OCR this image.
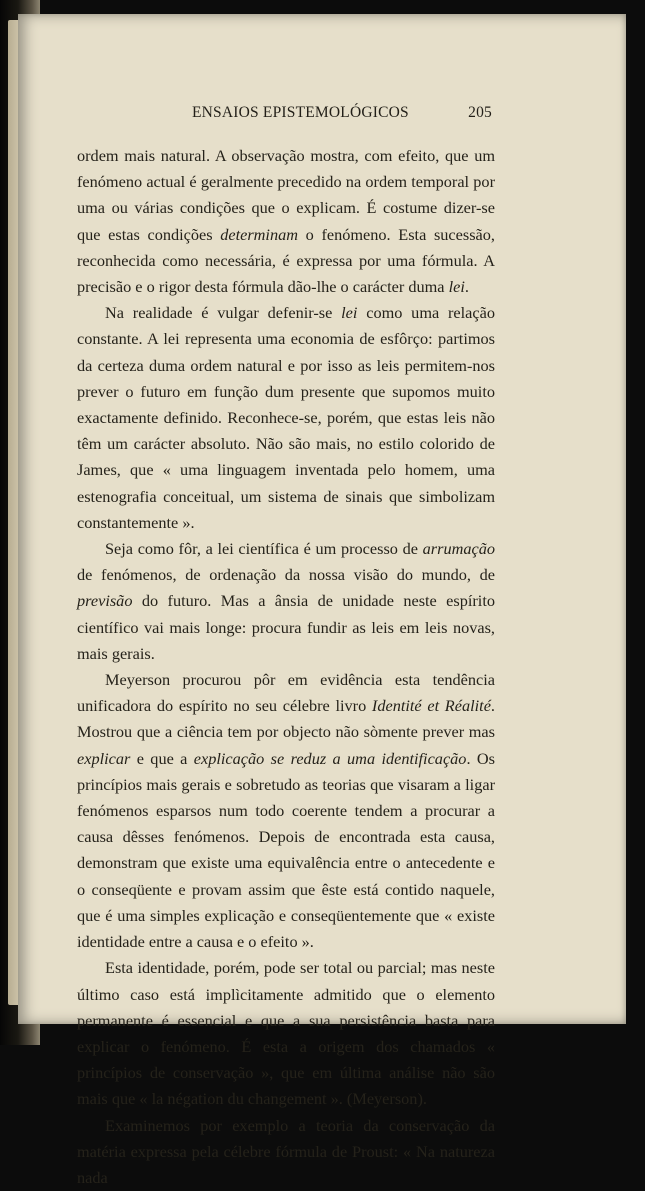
ENSAIOS EPISTEMOLÓGICOS	205

ordem mais natural. A observação mostra, com efeito, que um fenómeno actual é geralmente precedido na ordem temporal por uma ou várias condições que o explicam. É costume dizer-se que estas condições determinam o fenómeno. Esta sucessão, reconhecida como necessária, é expressa por uma fórmula. A precisão e o rigor desta fórmula dão-lhe o carácter duma lei.

Na realidade é vulgar defenir-se lei como uma relação constante. A lei representa uma economia de esfôrço: partimos da certeza duma ordem natural e por isso as leis permitem-nos prever o futuro em função dum presente que supomos muito exactamente definido. Reconhece-se, porém, que estas leis não têm um carácter absoluto. Não são mais, no estilo colorido de James, que « uma linguagem inventada pelo homem, uma estenografia conceitual, um sistema de sinais que simbolizam constantemente ».

Seja como fôr, a lei científica é um processo de arrumação de fenómenos, de ordenação da nossa visão do mundo, de previsão do futuro. Mas a ânsia de unidade neste espírito científico vai mais longe: procura fundir as leis em leis novas, mais gerais.

Meyerson procurou pôr em evidência esta tendência unificadora do espírito no seu célebre livro Identité et Réalité. Mostrou que a ciência tem por objecto não sòmente prever mas explicar e que a explicação se reduz a uma identificação. Os princípios mais gerais e sobretudo as teorias que visaram a ligar fenómenos esparsos num todo coerente tendem a procurar a causa dêsses fenómenos. Depois de encontrada esta causa, demonstram que existe uma equivalência entre o antecedente e o conseqüente e provam assim que êste está contido naquele, que é uma simples explicação e conseqüentemente que « existe identidade entre a causa e o efeito ».

Esta identidade, porém, pode ser total ou parcial; mas neste último caso está implìcitamente admitido que o elemento permanente é essencial e que a sua persistência basta para explicar o fenómeno. É esta a origem dos chamados « princípios de conservação », que em última análise não são mais que « la négation du changement ». (Meyerson).

Examinemos por exemplo a teoria da conservação da matéria expressa pela célebre fórmula de Proust: « Na natureza nada
